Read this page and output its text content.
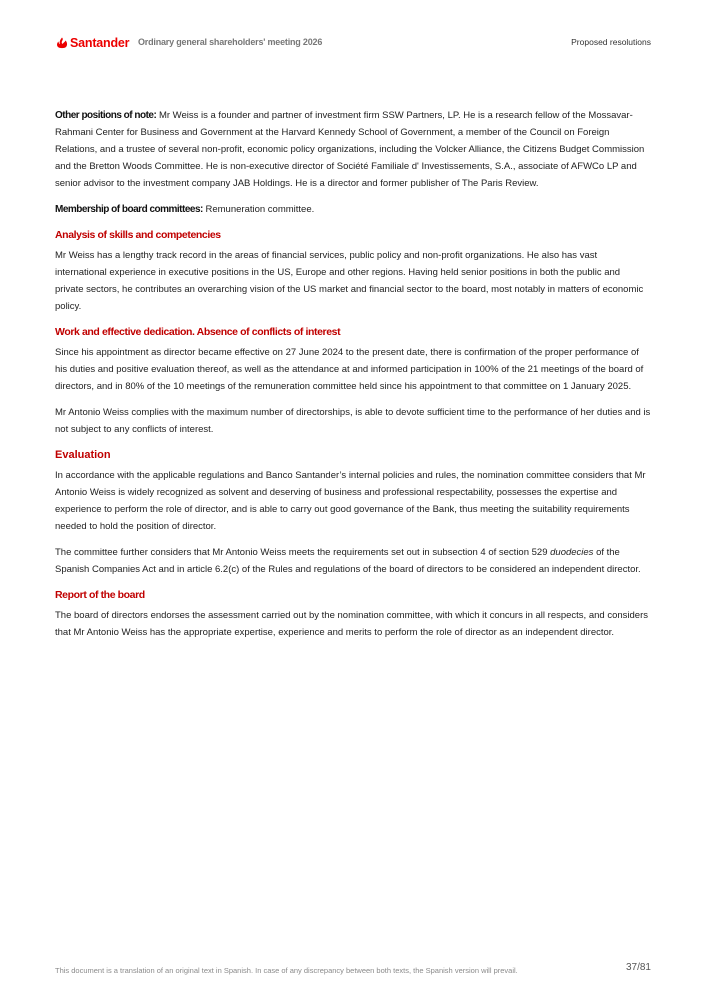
Santander Ordinary general shareholders' meeting 2026	Proposed resolutions

Other positions of note: Mr Weiss is a founder and partner of investment firm SSW Partners, LP. He is a research fellow of the Mossavar-Rahmani Center for Business and Government at the Harvard Kennedy School of Government, a member of the Council on Foreign Relations, and a trustee of several non-profit, economic policy organizations, including the Volcker Alliance, the Citizens Budget Commission and the Bretton Woods Committee. He is non-executive director of Société Familiale d' Investissements, S.A., associate of AFWCo LP and senior advisor to the investment company JAB Holdings. He is a director and former publisher of The Paris Review.

Membership of board committees: Remuneration committee.

Analysis of skills and competencies

Mr Weiss has a lengthy track record in the areas of financial services, public policy and non-profit organizations. He also has vast international experience in executive positions in the US, Europe and other regions. Having held senior positions in both the public and private sectors, he contributes an overarching vision of the US market and financial sector to the board, most notably in matters of economic policy.

Work and effective dedication. Absence of conflicts of interest

Since his appointment as director became effective on 27 June 2024 to the present date, there is confirmation of the proper performance of his duties and positive evaluation thereof, as well as the attendance at and informed participation in 100% of the 21 meetings of the board of directors, and in 80% of the 10 meetings of the remuneration committee held since his appointment to that committee on 1 January 2025.

Mr Antonio Weiss complies with the maximum number of directorships, is able to devote sufficient time to the performance of her duties and is not subject to any conflicts of interest.

Evaluation

In accordance with the applicable regulations and Banco Santander’s internal policies and rules, the nomination committee considers that Mr Antonio Weiss is widely recognized as solvent and deserving of business and professional respectability, possesses the expertise and experience to perform the role of director, and is able to carry out good governance of the Bank, thus meeting the suitability requirements needed to hold the position of director.

The committee further considers that Mr Antonio Weiss meets the requirements set out in subsection 4 of section 529 duodecies of the Spanish Companies Act and in article 6.2(c) of the Rules and regulations of the board of directors to be considered an independent director.

Report of the board

The board of directors endorses the assessment carried out by the nomination committee, with which it concurs in all respects, and considers that Mr Antonio Weiss has the appropriate expertise, experience and merits to perform the role of director as an independent director.

This document is a translation of an original text in Spanish. In case of any discrepancy between both texts, the Spanish version will prevail.	37/81
